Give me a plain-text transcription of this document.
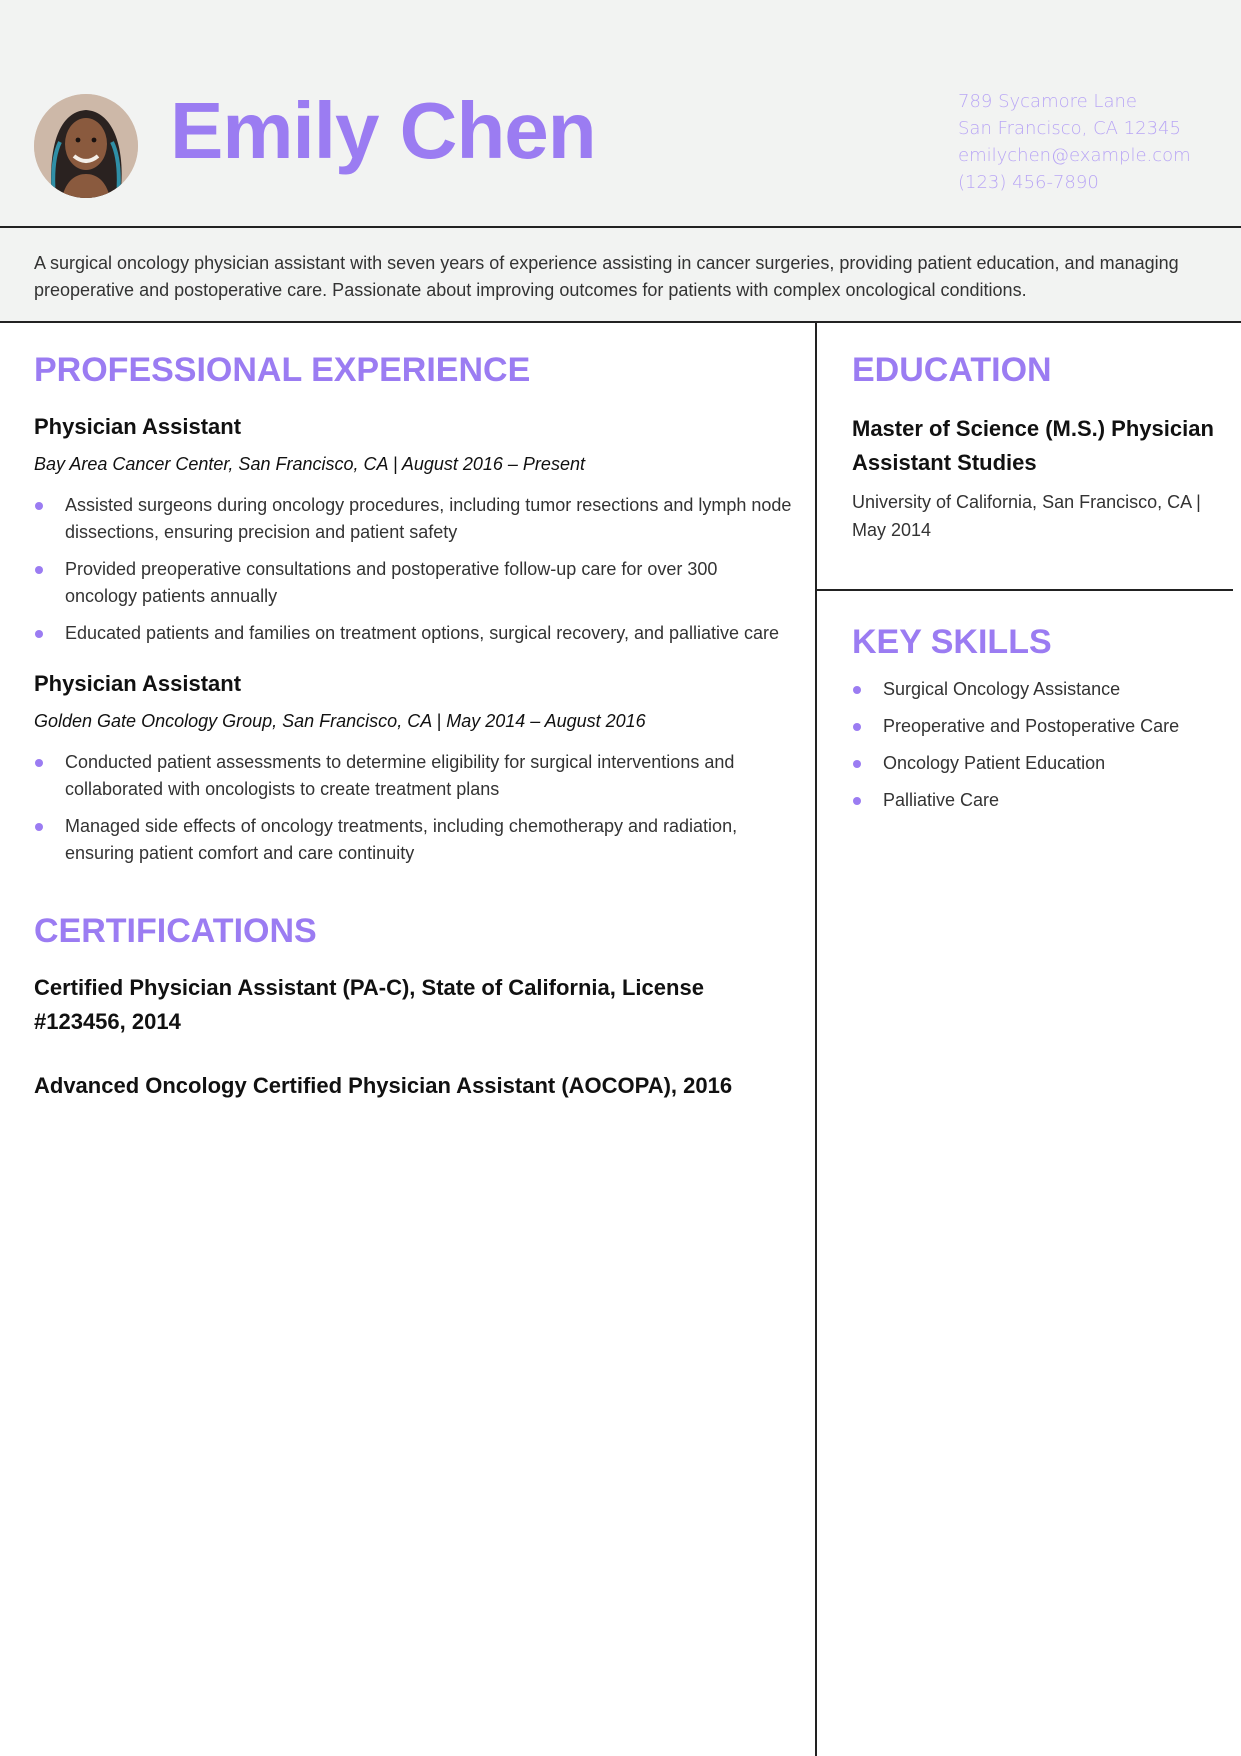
Emily Chen	789 Sycamore Lane
San Francisco, CA 12345
emilychen@example.com
(123) 456-7890
A surgical oncology physician assistant with seven years of experience assisting in cancer surgeries, providing patient education, and managing preoperative and postoperative care. Passionate about improving outcomes for patients with complex oncological conditions.
PROFESSIONAL EXPERIENCE
Physician Assistant
Bay Area Cancer Center, San Francisco, CA | August 2016 – Present
Assisted surgeons during oncology procedures, including tumor resections and lymph node dissections, ensuring precision and patient safety
Provided preoperative consultations and postoperative follow-up care for over 300 oncology patients annually
Educated patients and families on treatment options, surgical recovery, and palliative care
Physician Assistant
Golden Gate Oncology Group, San Francisco, CA | May 2014 – August 2016
Conducted patient assessments to determine eligibility for surgical interventions and collaborated with oncologists to create treatment plans
Managed side effects of oncology treatments, including chemotherapy and radiation, ensuring patient comfort and care continuity
CERTIFICATIONS
Certified Physician Assistant (PA-C), State of California, License #123456, 2014
Advanced Oncology Certified Physician Assistant (AOCOPA), 2016
EDUCATION
Master of Science (M.S.) Physician Assistant Studies
University of California, San Francisco, CA | May 2014
KEY SKILLS
Surgical Oncology Assistance
Preoperative and Postoperative Care
Oncology Patient Education
Palliative Care
